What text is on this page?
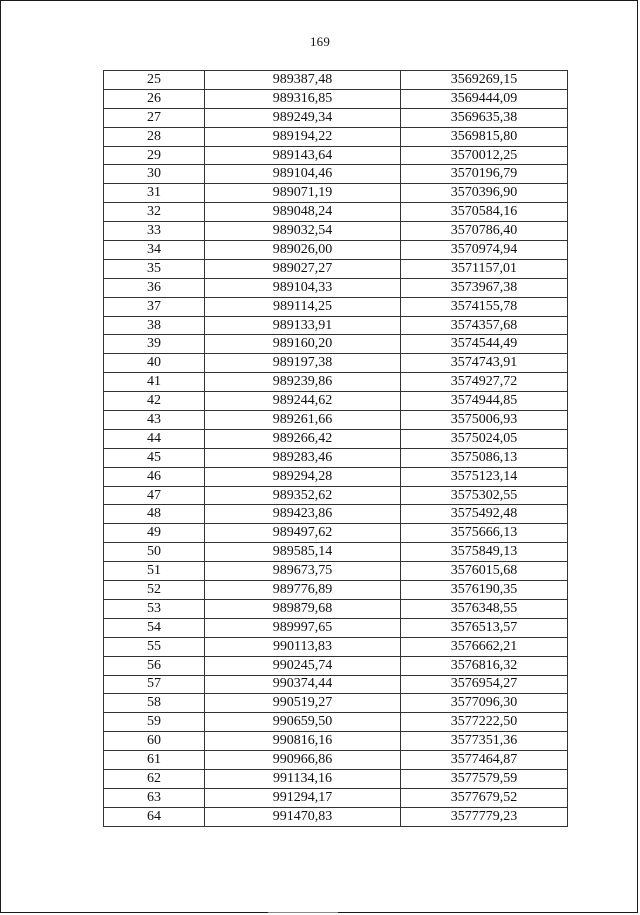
169
25	989387,48	3569269,15
26	989316,85	3569444,09
27	989249,34	3569635,38
28	989194,22	3569815,80
29	989143,64	3570012,25
30	989104,46	3570196,79
31	989071,19	3570396,90
32	989048,24	3570584,16
33	989032,54	3570786,40
34	989026,00	3570974,94
35	989027,27	3571157,01
36	989104,33	3573967,38
37	989114,25	3574155,78
38	989133,91	3574357,68
39	989160,20	3574544,49
40	989197,38	3574743,91
41	989239,86	3574927,72
42	989244,62	3574944,85
43	989261,66	3575006,93
44	989266,42	3575024,05
45	989283,46	3575086,13
46	989294,28	3575123,14
47	989352,62	3575302,55
48	989423,86	3575492,48
49	989497,62	3575666,13
50	989585,14	3575849,13
51	989673,75	3576015,68
52	989776,89	3576190,35
53	989879,68	3576348,55
54	989997,65	3576513,57
55	990113,83	3576662,21
56	990245,74	3576816,32
57	990374,44	3576954,27
58	990519,27	3577096,30
59	990659,50	3577222,50
60	990816,16	3577351,36
61	990966,86	3577464,87
62	991134,16	3577579,59
63	991294,17	3577679,52
64	991470,83	3577779,23
